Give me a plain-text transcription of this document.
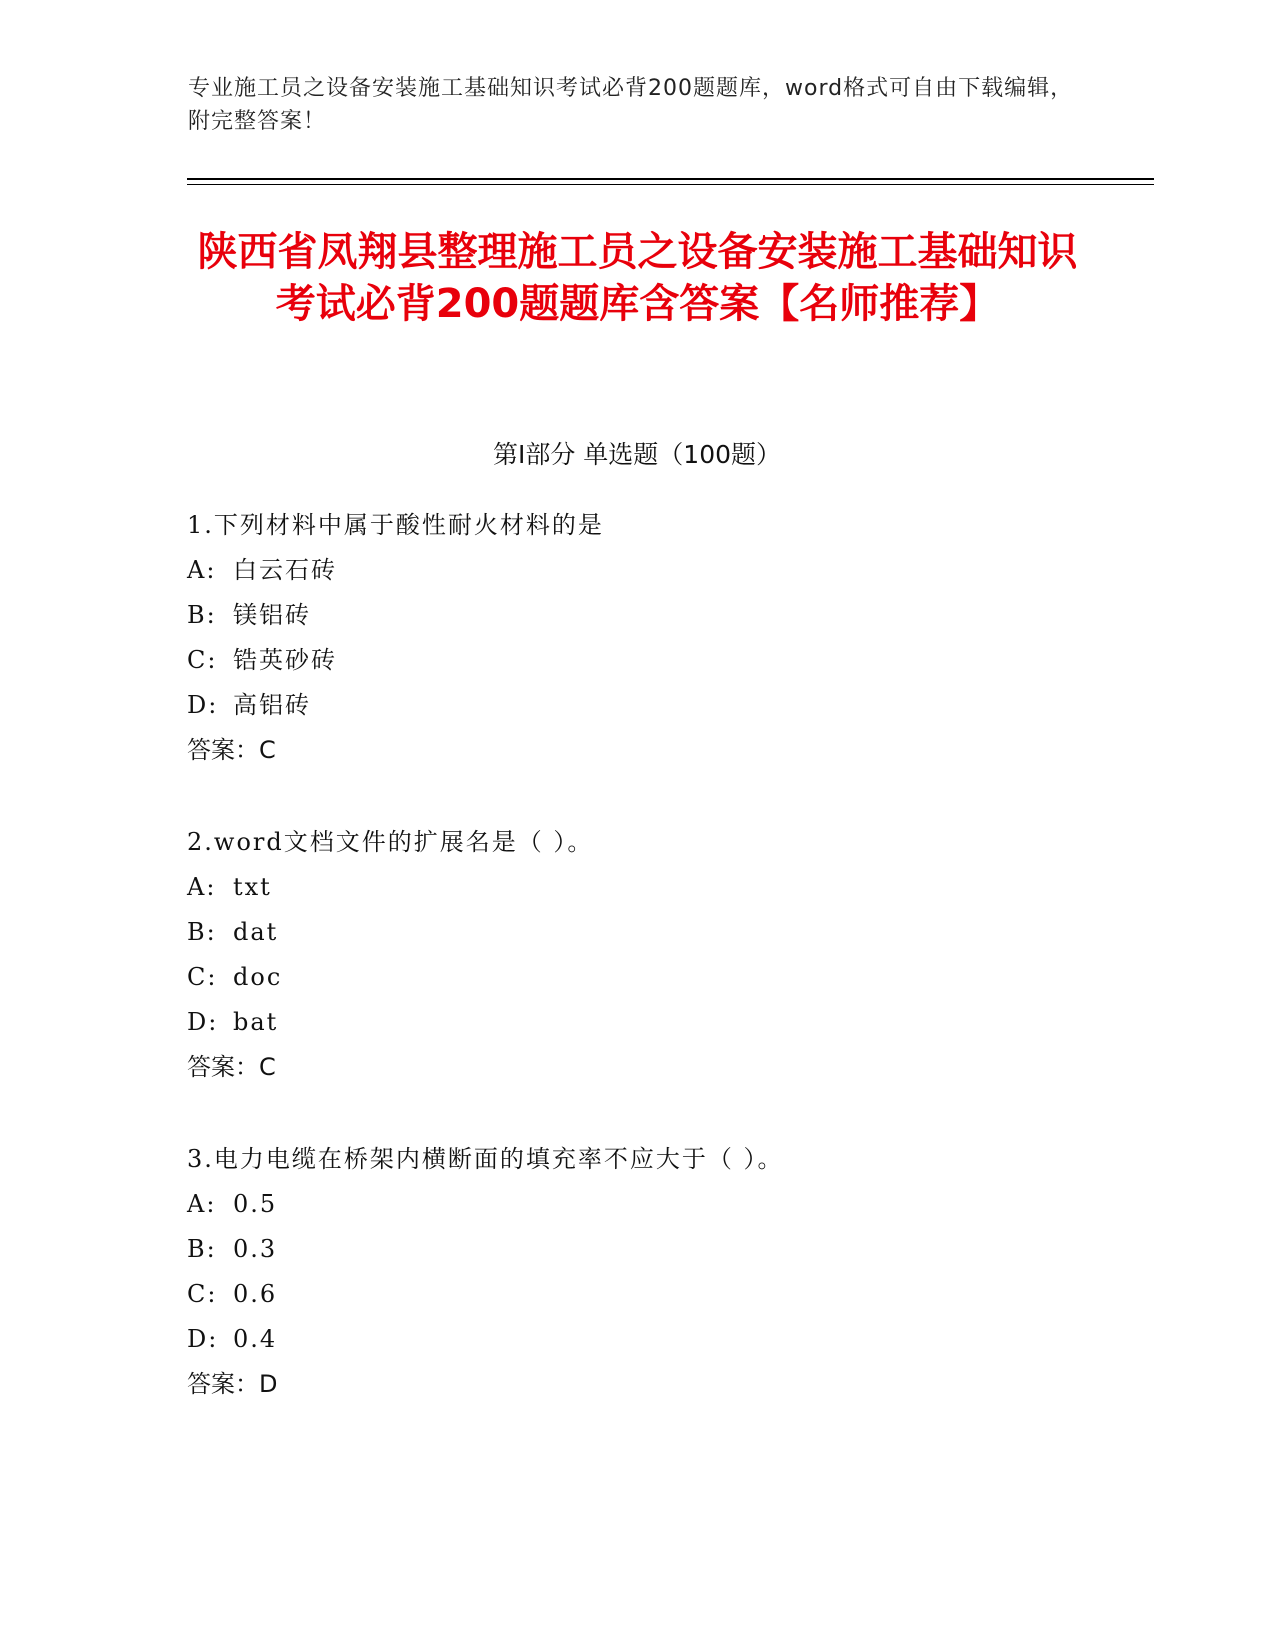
专业施工员之设备安装施工基础知识考试必背200题题库，word格式可自由下载编辑，附完整答案！
陕西省凤翔县整理施工员之设备安装施工基础知识考试必背200题题库含答案【名师推荐】
第Ⅰ部分 单选题（100题）
1.下列材料中属于酸性耐火材料的是
A: 白云石砖
B: 镁铝砖
C: 锆英砂砖
D: 高铝砖
答案：C
2.word文档文件的扩展名是（ ）。
A: txt
B: dat
C: doc
D: bat
答案：C
3.电力电缆在桥架内横断面的填充率不应大于（ ）。
A: 0.5
B: 0.3
C: 0.6
D: 0.4
答案：D
